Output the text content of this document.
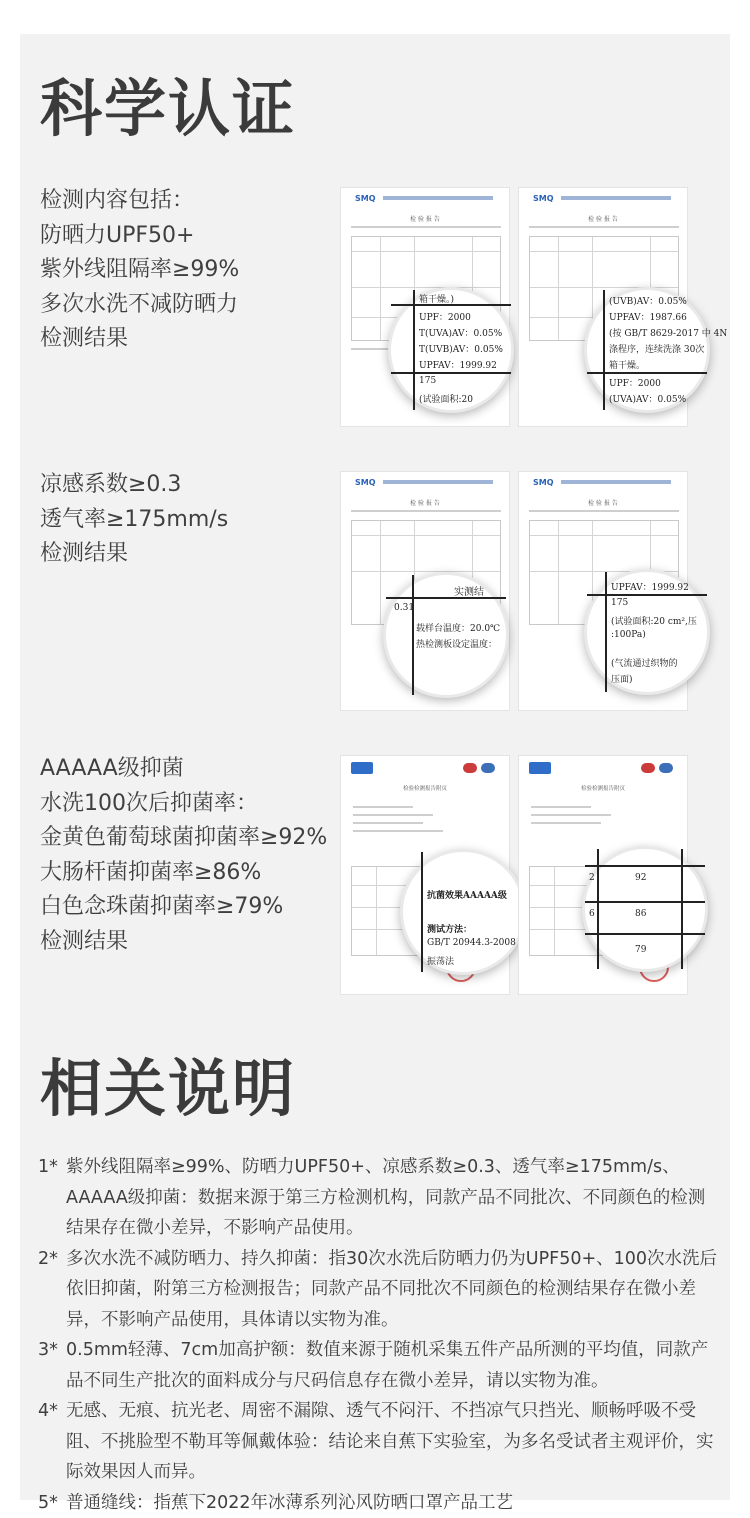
科学认证
检测内容包括：
防晒力UPF50+
紫外线阻隔率≥99%
多次水洗不减防晒力
检测结果
SMQ
检 验 报 告
箱干燥。)
UPF：2000
T(UVA)AV：0.05%
T(UVB)AV：0.05%
UPFAV：1999.92
175
(试验面积:20
SMQ
检 验 报 告
(UVB)AV：0.05%
UPFAV：1987.66
(按 GB/T 8629-2017 中 4N
涤程序，连续洗涤 30次
箱干燥。
UPF：2000
(UVA)AV：0.05%
凉感系数≥0.3
透气率≥175mm/s
检测结果
SMQ
检 验 报 告
实测结
0.31
载样台温度：20.0℃
热检测板设定温度：
SMQ
检 验 报 告
UPFAV：1999.92
175
(试验面积:20 cm²,压
:100Pa)
(气流通过织物的
压面)
AAAAA级抑菌
水洗100次后抑菌率：
金黄色葡萄球菌抑菌率≥92%
大肠杆菌抑菌率≥86%
白色念珠菌抑菌率≥79%
检测结果
检验检测报告附页
抗菌效果AAAAA级
测试方法：
GB/T 20944.3-2008
振荡法
检验检测报告附页
2	92
6	86
79
相关说明
1* 紫外线阻隔率≥99%、防晒力UPF50+、凉感系数≥0.3、透气率≥175mm/s、AAAAA级抑菌：数据来源于第三方检测机构，同款产品不同批次、不同颜色的检测结果存在微小差异，不影响产品使用。
2* 多次水洗不减防晒力、持久抑菌：指30次水洗后防晒力仍为UPF50+、100次水洗后依旧抑菌，附第三方检测报告；同款产品不同批次不同颜色的检测结果存在微小差异，不影响产品使用，具体请以实物为准。
3* 0.5mm轻薄、7cm加高护额：数值来源于随机采集五件产品所测的平均值，同款产品不同生产批次的面料成分与尺码信息存在微小差异，请以实物为准。
4* 无感、无痕、抗光老、周密不漏隙、透气不闷汗、不挡凉气只挡光、顺畅呼吸不受阻、不挑脸型不勒耳等佩戴体验：结论来自蕉下实验室，为多名受试者主观评价，实际效果因人而异。
5* 普通缝线：指蕉下2022年冰薄系列沁风防晒口罩产品工艺
